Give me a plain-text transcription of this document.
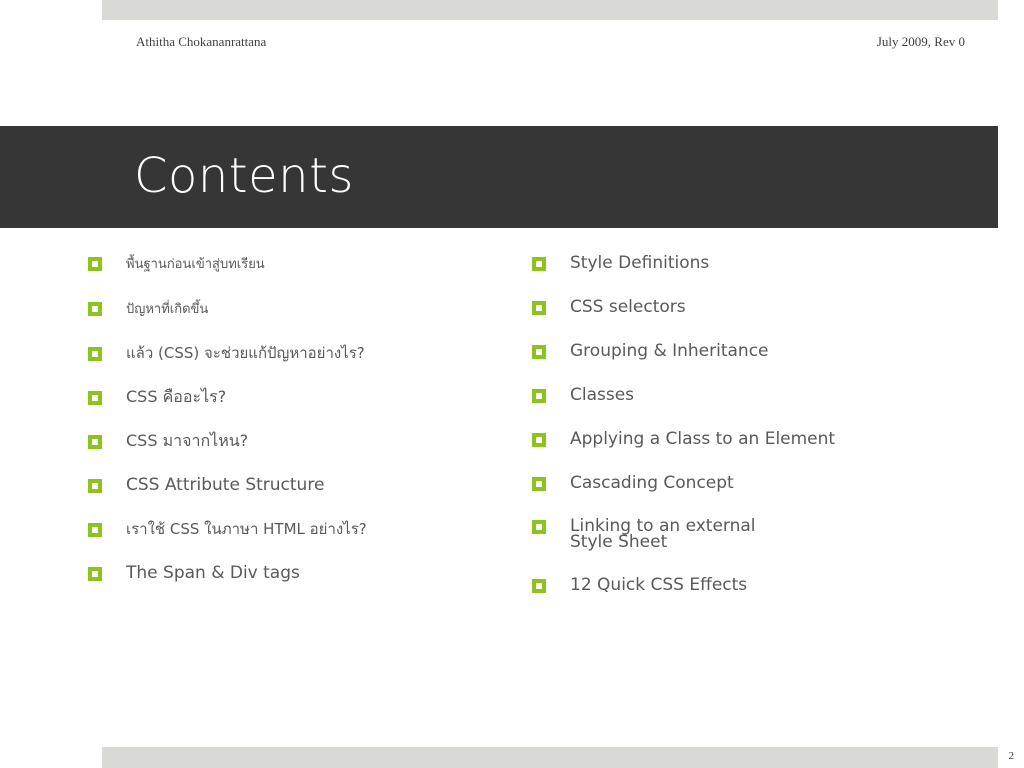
Athitha Chokananrattana	July 2009, Rev 0
Contents
พื้นฐานก่อนเข้าสู่บทเรียน
ปัญหาที่เกิดขึ้น
แล้ว (CSS) จะช่วยแก้ปัญหาอย่างไร?
CSS คืออะไร?
CSS มาจากไหน?
CSS Attribute Structure
เราใช้ CSS ในภาษา HTML อย่างไร?
The Span & Div tags
Style Definitions
CSS selectors
Grouping & Inheritance
Classes
Applying a Class to an Element
Cascading Concept
Linking to an external
Style Sheet
12 Quick CSS Effects
2
